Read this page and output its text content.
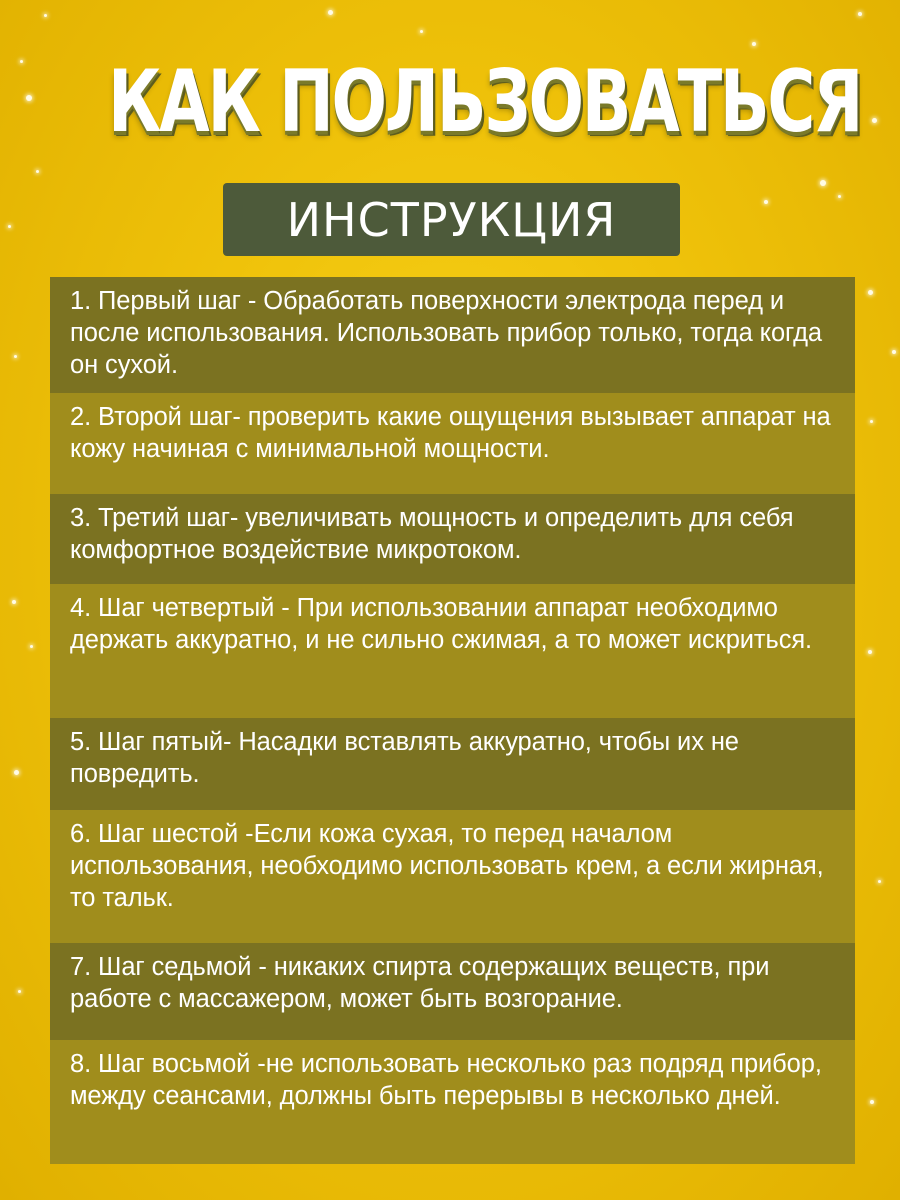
КАК ПОЛЬЗОВАТЬСЯ
ИНСТРУКЦИЯ
1. Первый шаг - Обработать поверхности электрода перед и после использования. Использовать прибор только, тогда когда он сухой.
2. Второй шаг- проверить какие ощущения вызывает аппарат на кожу начиная с минимальной мощности.
3. Третий шаг- увеличивать мощность и определить для себя комфортное воздействие микротоком.
4. Шаг четвертый - При использовании аппарат необходимо держать аккуратно, и не сильно сжимая, а то может искриться.
5. Шаг пятый- Насадки вставлять аккуратно, чтобы их не повредить.
6. Шаг шестой -Если кожа сухая, то перед началом использования, необходимо использовать крем, а если жирная, то тальк.
7. Шаг седьмой - никаких спирта содержащих веществ, при работе с массажером, может быть возгорание.
8. Шаг восьмой -не использовать несколько раз подряд прибор, между сеансами, должны быть перерывы в несколько дней.
